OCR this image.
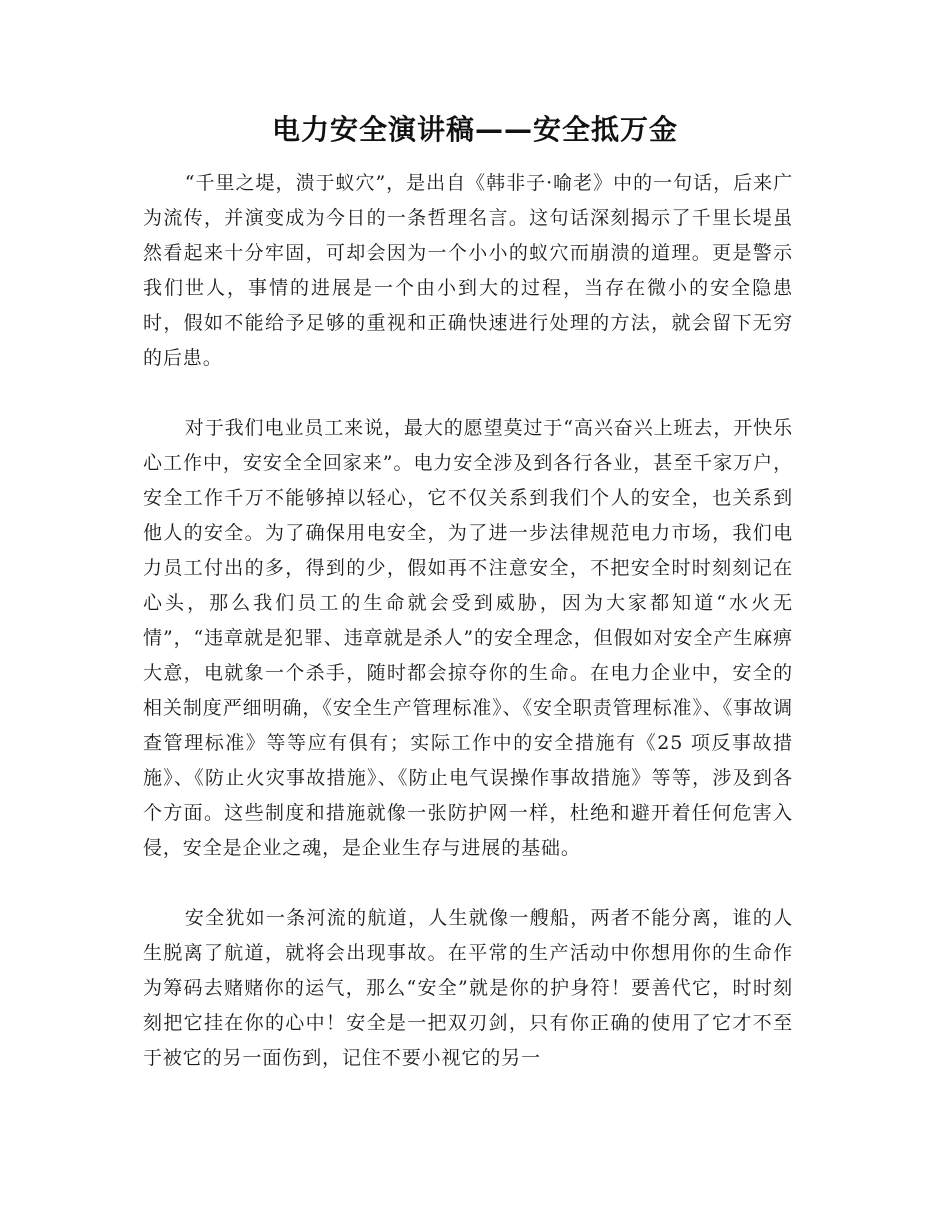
电力安全演讲稿——安全抵万金

“千里之堤，溃于蚁穴”，是出自《韩非子·喻老》中的一句话，后来广为流传，并演变成为今日的一条哲理名言。这句话深刻揭示了千里长堤虽然看起来十分牢固，可却会因为一个小小的蚁穴而崩溃的道理。更是警示我们世人，事情的进展是一个由小到大的过程，当存在微小的安全隐患时，假如不能给予足够的重视和正确快速进行处理的方法，就会留下无穷的后患。

对于我们电业员工来说，最大的愿望莫过于“高兴奋兴上班去，开快乐心工作中，安安全全回家来”。电力安全涉及到各行各业，甚至千家万户，安全工作千万不能够掉以轻心，它不仅关系到我们个人的安全，也关系到他人的安全。为了确保用电安全，为了进一步法律规范电力市场，我们电力员工付出的多，得到的少，假如再不注意安全，不把安全时时刻刻记在心头，那么我们员工的生命就会受到威胁，因为大家都知道“水火无情”，“违章就是犯罪、违章就是杀人”的安全理念，但假如对安全产生麻痹大意，电就象一个杀手，随时都会掠夺你的生命。在电力企业中，安全的相关制度严细明确，《安全生产管理标准》、《安全职责管理标准》、《事故调查管理标准》等等应有俱有；实际工作中的安全措施有《25 项反事故措施》、《防止火灾事故措施》、《防止电气误操作事故措施》等等，涉及到各个方面。这些制度和措施就像一张防护网一样，杜绝和避开着任何危害入侵，安全是企业之魂，是企业生存与进展的基础。

安全犹如一条河流的航道，人生就像一艘船，两者不能分离，谁的人生脱离了航道，就将会出现事故。在平常的生产活动中你想用你的生命作为筹码去赌赌你的运气，那么“安全”就是你的护身符！要善代它，时时刻刻把它挂在你的心中！安全是一把双刃剑，只有你正确的使用了它才不至于被它的另一面伤到，记住不要小视它的另一
